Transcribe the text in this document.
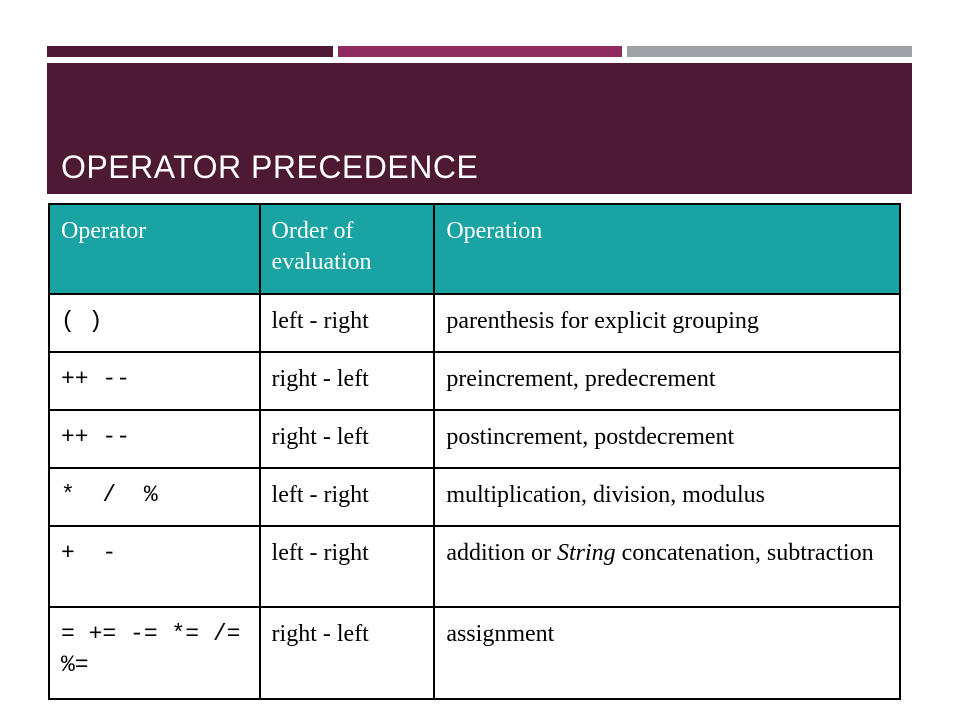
OPERATOR PRECEDENCE
Operator	Order of evaluation	Operation
( )	left - right	parenthesis for explicit grouping
++ --	right - left	preincrement, predecrement
++ --	right - left	postincrement, postdecrement
*  /  %	left - right	multiplication, division, modulus
+  -	left - right	addition or String concatenation, subtraction
= += -= *= /= %=	right - left	assignment
